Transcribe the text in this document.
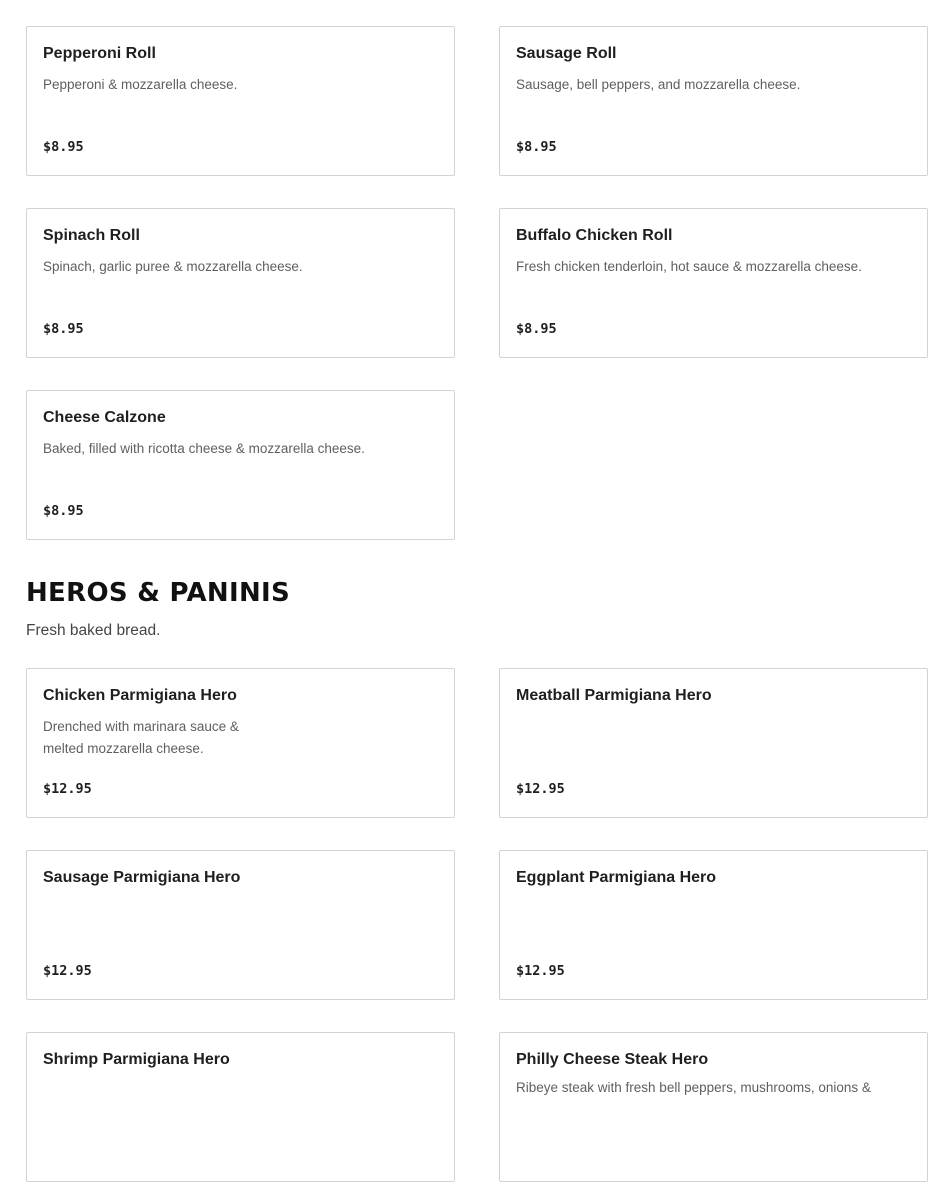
Pepperoni Roll
Pepperoni & mozzarella cheese.
$8.95
Sausage Roll
Sausage, bell peppers, and mozzarella cheese.
$8.95
Spinach Roll
Spinach, garlic puree & mozzarella cheese.
$8.95
Buffalo Chicken Roll
Fresh chicken tenderloin, hot sauce & mozzarella cheese.
$8.95
Cheese Calzone
Baked, filled with ricotta cheese & mozzarella cheese.
$8.95
HEROS & PANINIS
Fresh baked bread.
Chicken Parmigiana Hero
Drenched with marinara sauce & melted mozzarella cheese.
$12.95
Meatball Parmigiana Hero
$12.95
Sausage Parmigiana Hero
$12.95
Eggplant Parmigiana Hero
$12.95
Shrimp Parmigiana Hero	Philly Cheese Steak Hero
Ribeye steak with fresh bell peppers, mushrooms, onions &
